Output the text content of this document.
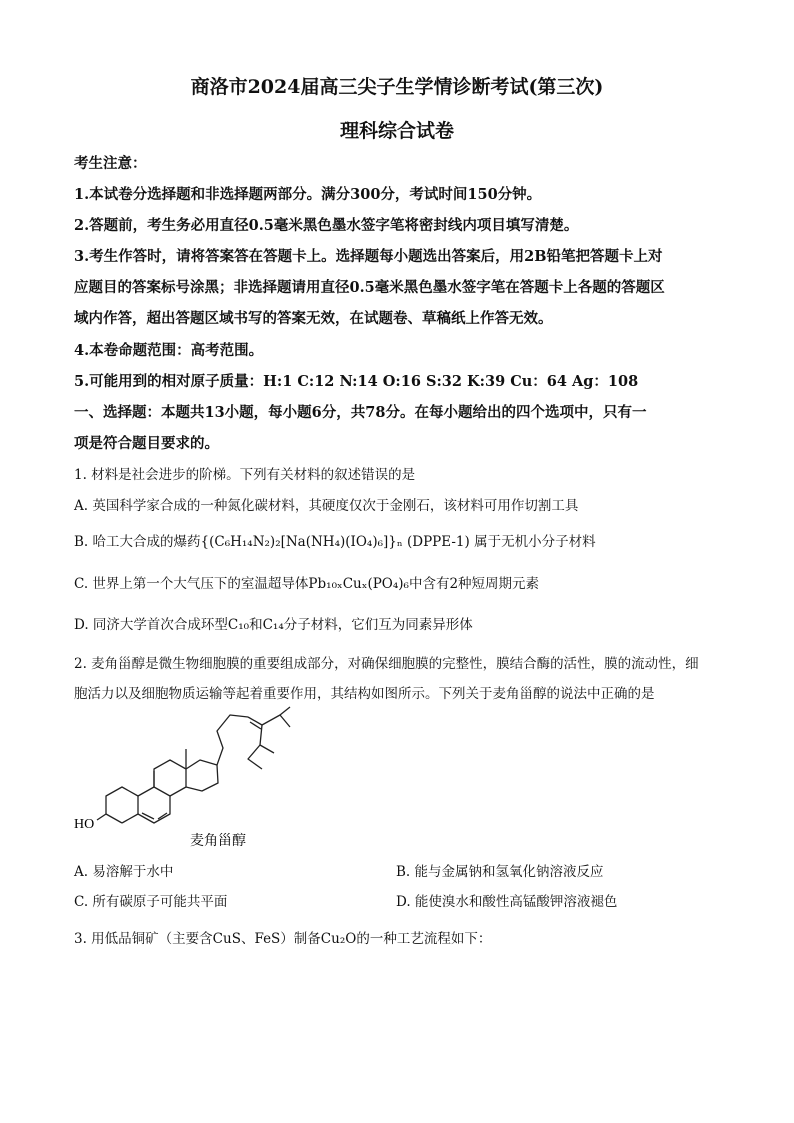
商洛市2024届高三尖子生学情诊断考试(第三次)
理科综合试卷
考生注意：
1.本试卷分选择题和非选择题两部分。满分300分，考试时间150分钟。
2.答题前，考生务必用直径0.5毫米黑色墨水签字笔将密封线内项目填写清楚。
3.考生作答时，请将答案答在答题卡上。选择题每小题选出答案后，用2B铅笔把答题卡上对
应题目的答案标号涂黑；非选择题请用直径0.5毫米黑色墨水签字笔在答题卡上各题的答题区
域内作答，超出答题区域书写的答案无效，在试题卷、草稿纸上作答无效。
4.本卷命题范围：高考范围。
5.可能用到的相对原子质量：H:1 C:12 N:14 O:16 S:32 K:39 Cu：64 Ag：108
一、选择题：本题共13小题，每小题6分，共78分。在每小题给出的四个选项中，只有一
项是符合题目要求的。
1. 材料是社会进步的阶梯。下列有关材料的叙述错误的是
A. 英国科学家合成的一种氮化碳材料，其硬度仅次于金刚石，该材料可用作切割工具
B. 哈工大合成的爆药{(C₆H₁₄N₂)₂[Na(NH₄)(IO₄)₆]}ₙ (DPPE-1) 属于无机小分子材料
C. 世界上第一个大气压下的室温超导体Pb₁₀ₓCuₓ(PO₄)₆中含有2种短周期元素
D. 同济大学首次合成环型C₁₀和C₁₄分子材料，它们互为同素异形体
2. 麦角甾醇是微生物细胞膜的重要组成部分，对确保细胞膜的完整性，膜结合酶的活性，膜的流动性，细
胞活力以及细胞物质运输等起着重要作用，其结构如图所示。下列关于麦角甾醇的说法中正确的是
HO
麦角甾醇
A. 易溶解于水中	B. 能与金属钠和氢氧化钠溶液反应
C. 所有碳原子可能共平面	D. 能使溴水和酸性高锰酸钾溶液褪色
3. 用低品铜矿（主要含CuS、FeS）制备Cu₂O的一种工艺流程如下：
